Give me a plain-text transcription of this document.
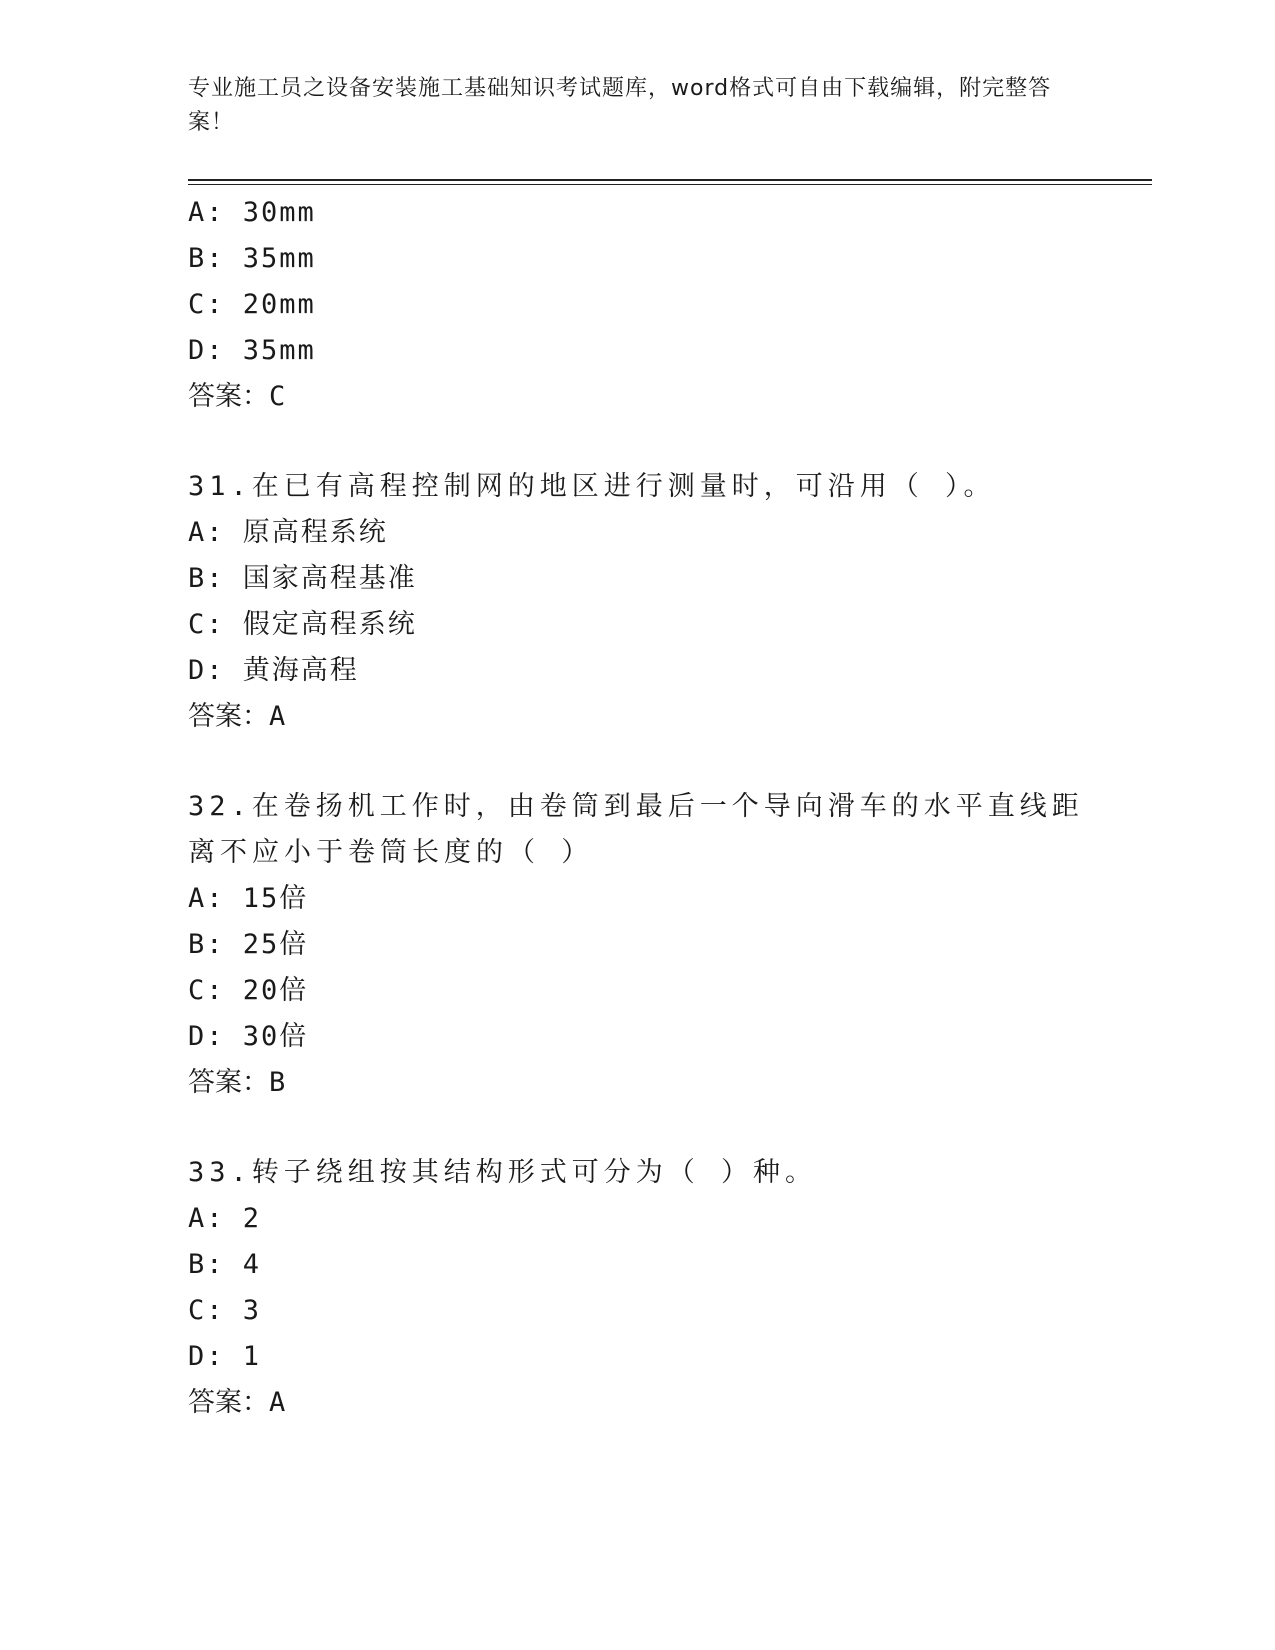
专业施工员之设备安装施工基础知识考试题库，word格式可自由下载编辑，附完整答案！
A: 30mm
B: 35mm
C: 20mm
D: 35mm
答案：C
31.在已有高程控制网的地区进行测量时，可沿用（ ）。
A: 原高程系统
B: 国家高程基准
C: 假定高程系统
D: 黄海高程
答案：A
32.在卷扬机工作时，由卷筒到最后一个导向滑车的水平直线距离不应小于卷筒长度的（ ）
A: 15倍
B: 25倍
C: 20倍
D: 30倍
答案：B
33.转子绕组按其结构形式可分为（ ）种。
A: 2
B: 4
C: 3
D: 1
答案：A
